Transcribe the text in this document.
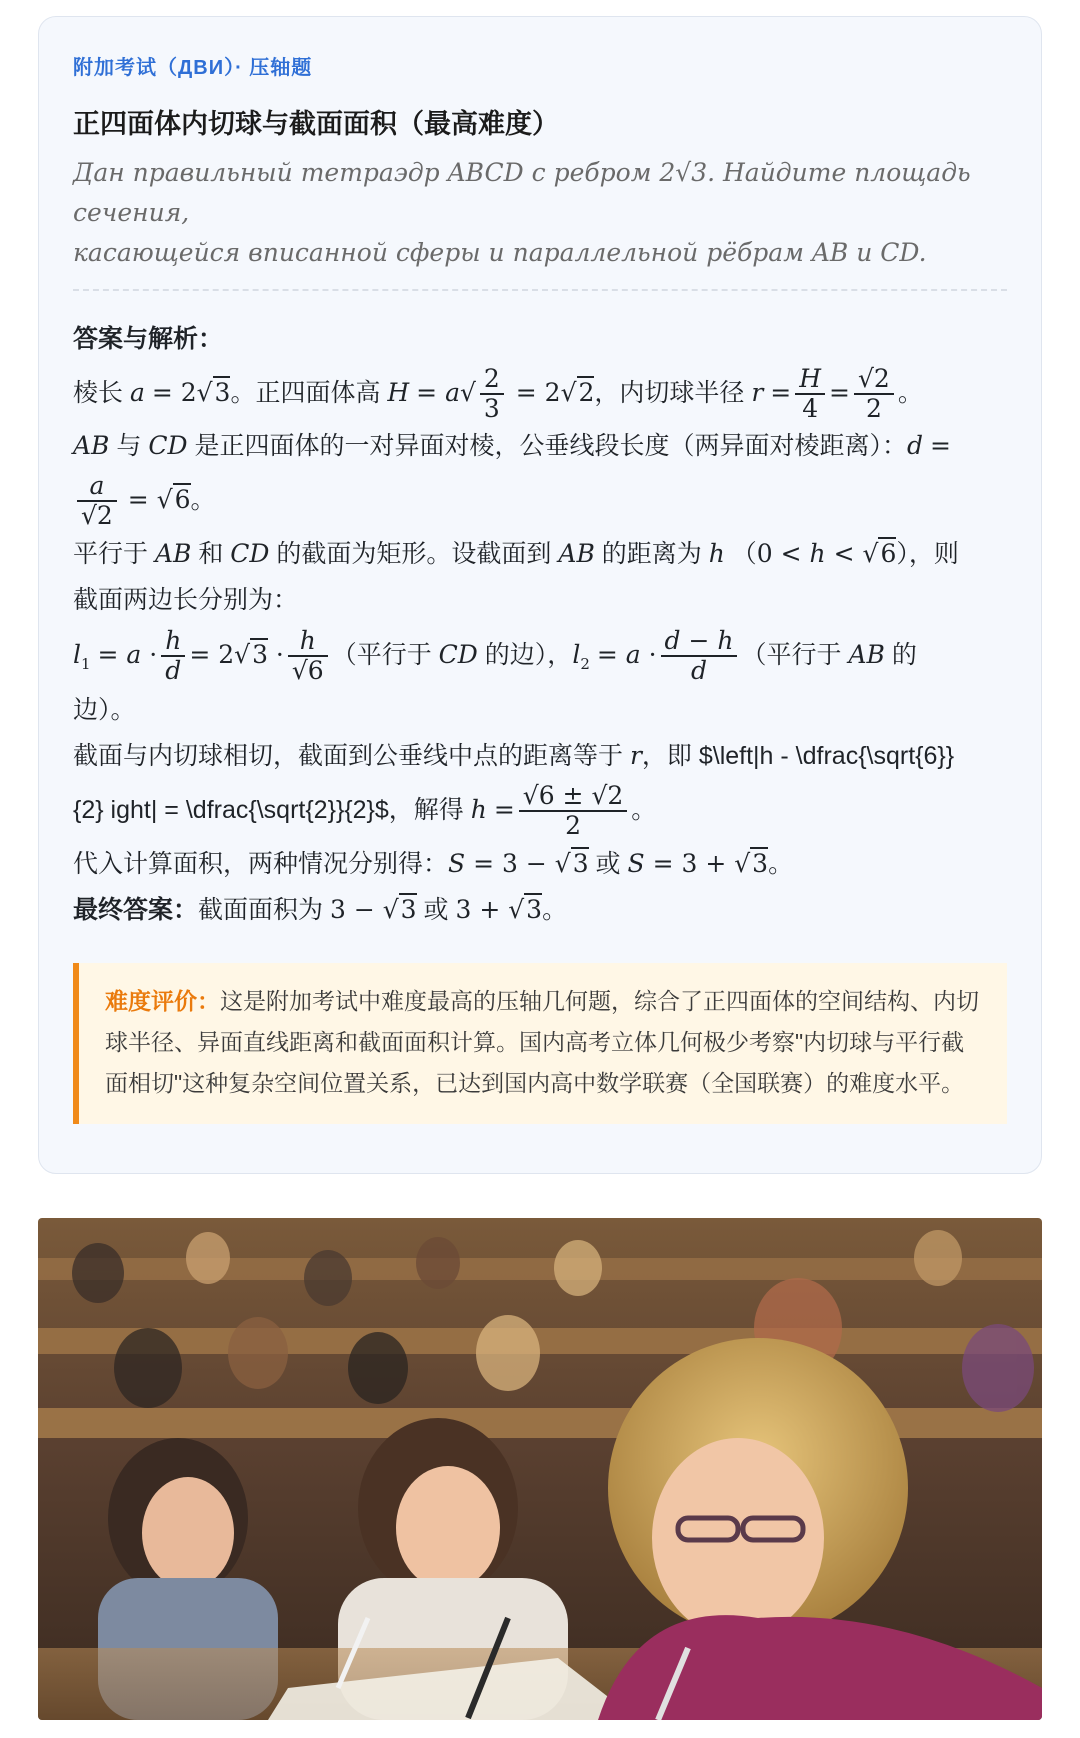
附加考试（ДВИ）· 压轴题
正四面体内切球与截面面积（最高难度）
Дан правильный тетраэдр ABCD с ребром 2√3. Найдите площадь сечения,
касающейся вписанной сферы и параллельной рёбрам AB и CD.
答案与解析：
棱长 a = 2√3。正四面体高 $H = a√ \frac{2}{3} = 2√2$，内切球半径 $r = \frac{H}{4} = \frac{√2}{2}$ 。
AB 与 CD 是正四面体的一对异面对棱，公垂线段长度（两异面对棱距离）：d =
$\frac{a}{√2} = √6$。
平行于 AB 和 CD 的截面为矩形。设截面到 AB 的距离为 h （0 < h < √6），则
截面两边长分别为：
$l_1 = a \cdot \frac{h}{d} = 2√3 \cdot \frac{h}{√6}$ （平行于 CD 的边），$l_2 = a \cdot \frac{d - h}{d}$ （平行于 AB 的
边）。
截面与内切球相切，截面到公垂线中点的距离等于 r，即 $\left|h - \dfrac{\sqrt{6}}
{2} ight| = \dfrac{\sqrt{2}}{2}$，解得 $h = \frac{√6 \pm √2}{2}$ 。
代入计算面积，两种情况分别得：S = 3 − √3 或 S = 3 + √3。
最终答案：截面面积为 3 − √3 或 3 + √3。
难度评价：这是附加考试中难度最高的压轴几何题，综合了正四面体的空间结构、内切球半径、异面直线距离和截面面积计算。国内高考立体几何极少考察"内切球与平行截面相切"这种复杂空间位置关系，已达到国内高中数学联赛（全国联赛）的难度水平。
